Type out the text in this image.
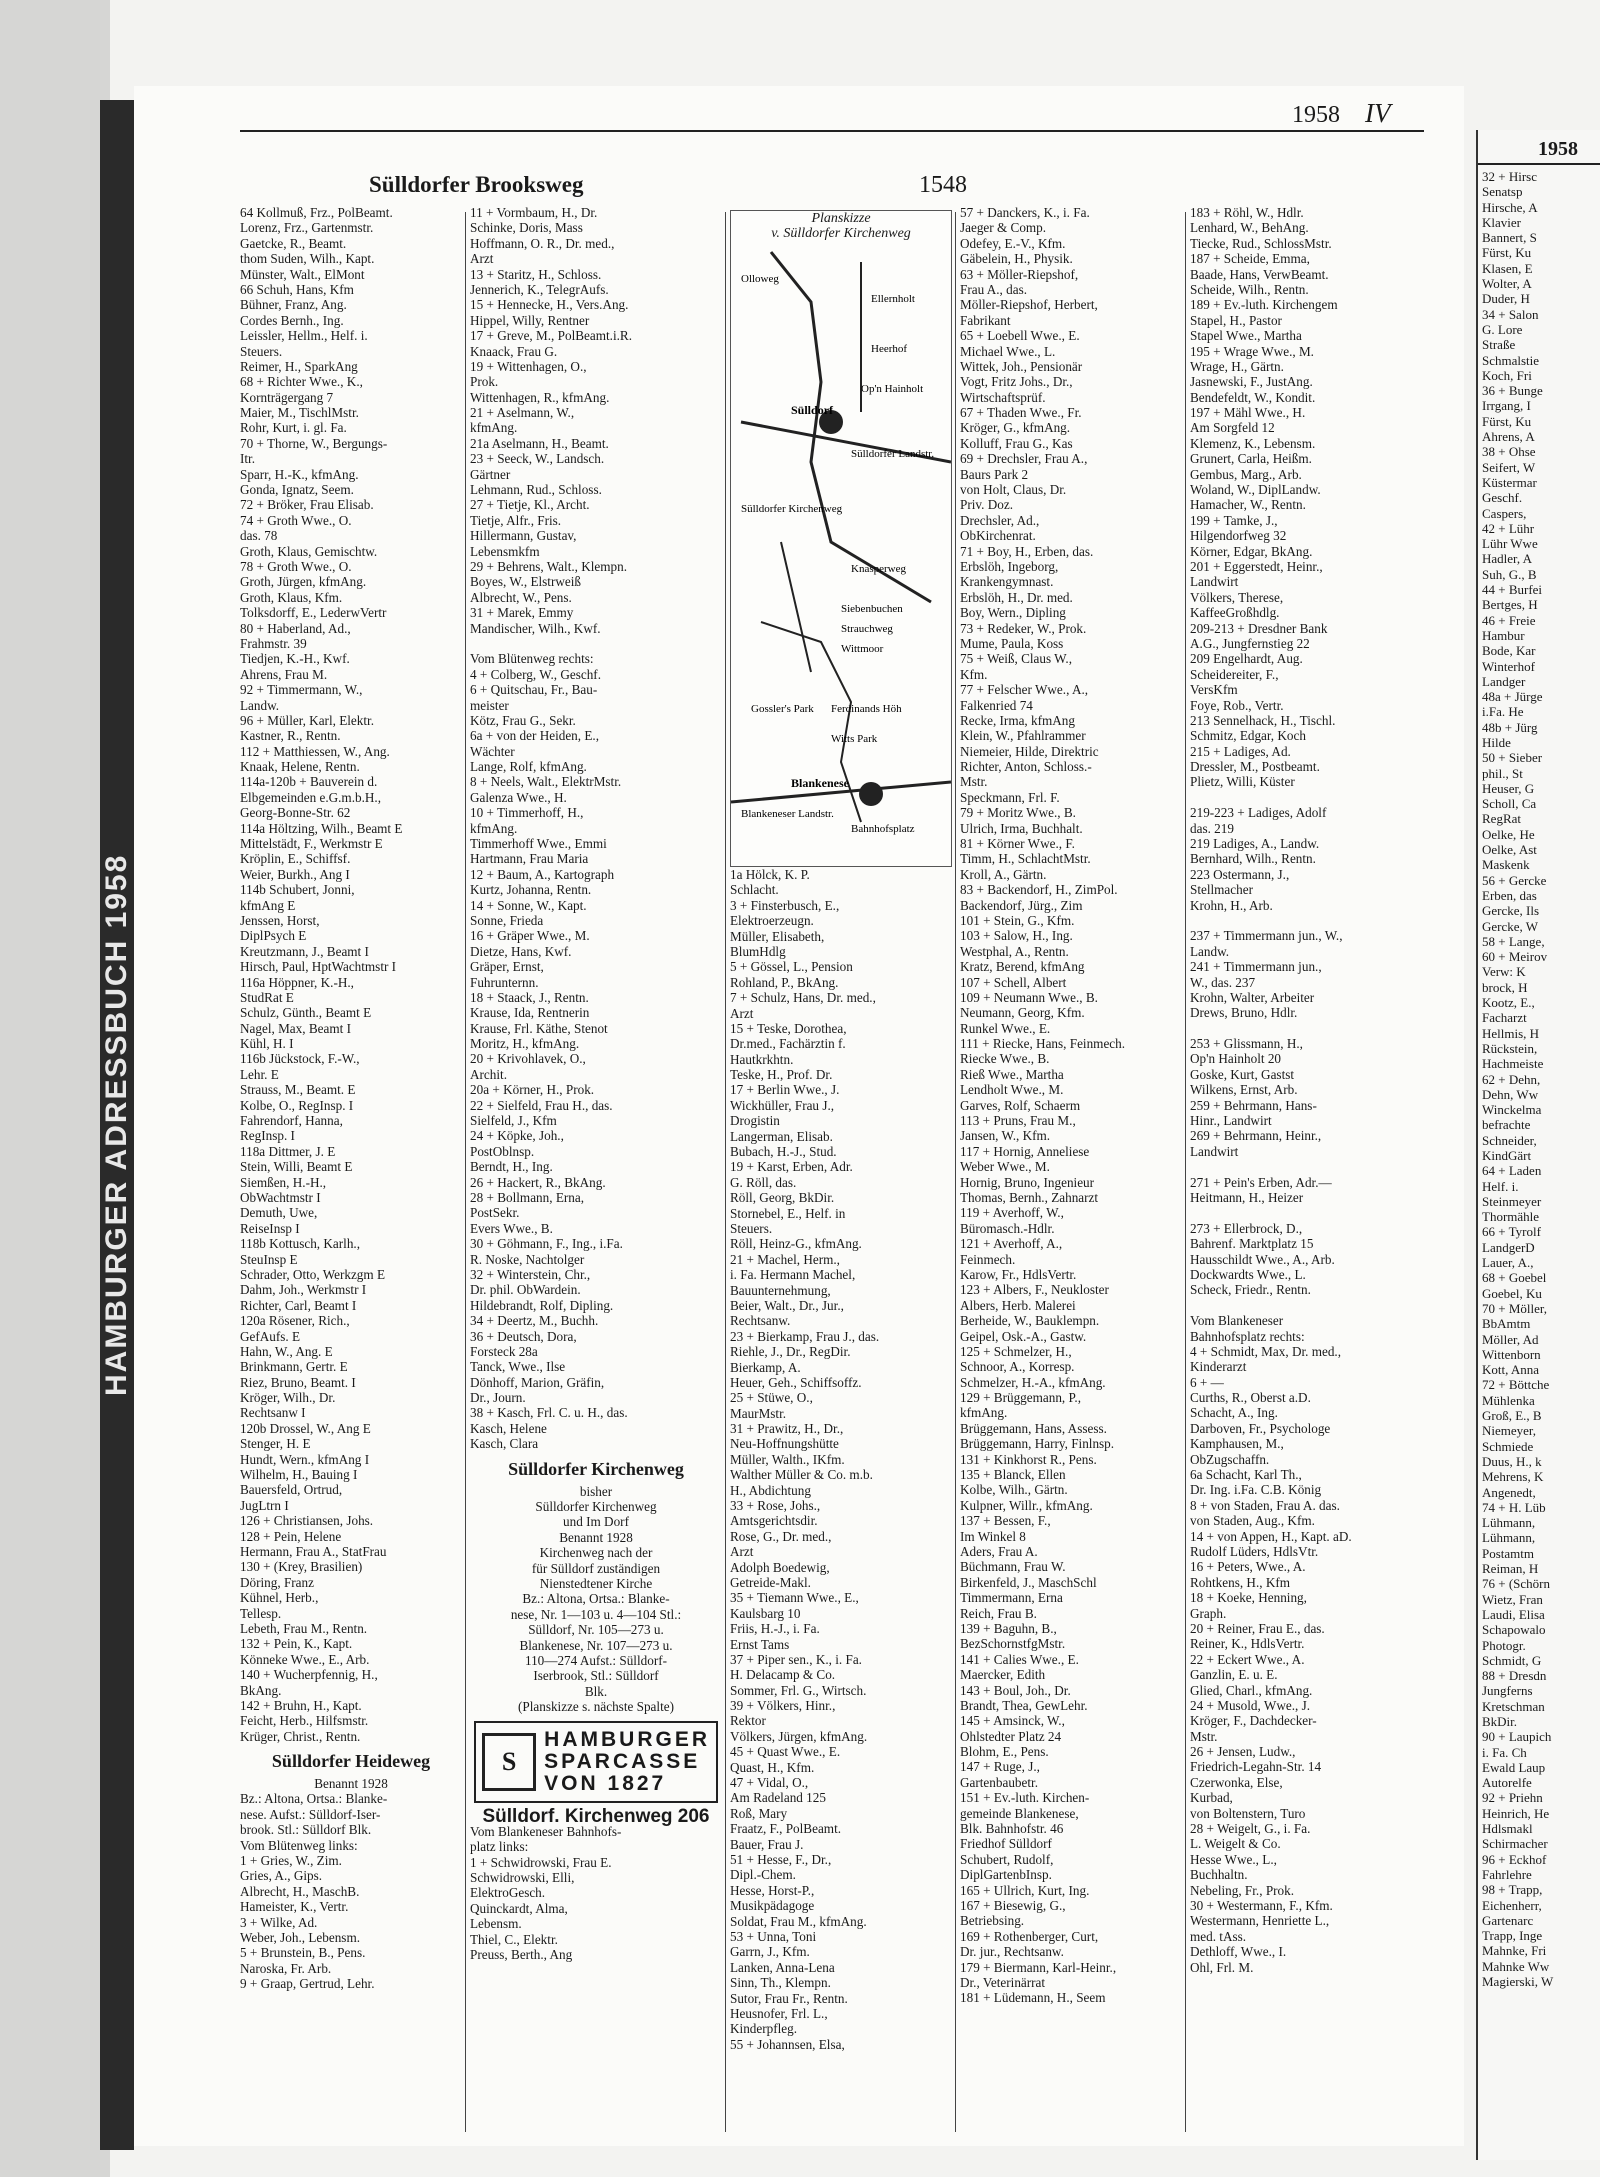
HAMBURGER ADRESSBUCH 1958
Sülldorfer Brooksweg	1548
1958 IV
64 Kollmuß, Frz., PolBeamt.
Lorenz, Frz., Gartenmstr.
Gaetcke, R., Beamt.
thom Suden, Wilh., Kapt.
Münster, Walt., ElMont
66 Schuh, Hans, Kfm
Bühner, Franz, Ang.
Cordes Bernh., Ing.
Leissler, Hellm., Helf. i.
Steuers.
Reimer, H., SparkAng
68 + Richter Wwe., K.,
Kornträgergang 7
Maier, M., TischlMstr.
Rohr, Kurt, i. gl. Fa.
70 + Thorne, W., Bergungs-
Itr.
Sparr, H.-K., kfmAng.
Gonda, Ignatz, Seem.
72 + Bröker, Frau Elisab.
74 + Groth Wwe., O.
das. 78
Groth, Klaus, Gemischtw.
78 + Groth Wwe., O.
Groth, Jürgen, kfmAng.
Groth, Klaus, Kfm.
Tolksdorff, E., LederwVertr
80 + Haberland, Ad.,
Frahmstr. 39
Tiedjen, K.-H., Kwf.
Ahrens, Frau M.
92 + Timmermann, W.,
Landw.
96 + Müller, Karl, Elektr.
Kastner, R., Rentn.
112 + Matthiessen, W., Ang.
Knaak, Helene, Rentn.
114a-120b + Bauverein d.
Elbgemeinden e.G.m.b.H.,
Georg-Bonne-Str. 62
114a Höltzing, Wilh., Beamt E
Mittelstädt, F., Werkmstr E
Kröplin, E., Schiffsf.
Weier, Burkh., Ang I
114b Schubert, Jonni,
kfmAng E
Jenssen, Horst,
DiplPsych E
Kreutzmann, J., Beamt I
Hirsch, Paul, HptWachtmstr I
116a Höppner, K.-H.,
StudRat E
Schulz, Günth., Beamt E
Nagel, Max, Beamt I
Kühl, H. I
116b Jückstock, F.-W.,
Lehr. E
Strauss, M., Beamt. E
Kolbe, O., RegInsp. I
Fahrendorf, Hanna,
RegInsp. I
118a Dittmer, J. E
Stein, Willi, Beamt E
Siemßen, H.-H.,
ObWachtmstr I
Demuth, Uwe,
ReiseInsp I
118b Kottusch, Karlh.,
SteuInsp E
Schrader, Otto, Werkzgm E
Dahm, Joh., Werkmstr I
Richter, Carl, Beamt I
120a Rösener, Rich.,
GefAufs. E
Hahn, W., Ang. E
Brinkmann, Gertr. E
Riez, Bruno, Beamt. I
Kröger, Wilh., Dr.
Rechtsanw I
120b Drossel, W., Ang E
Stenger, H. E
Hundt, Wern., kfmAng I
Wilhelm, H., Bauing I
Bauersfeld, Ortrud,
JugLtrn I
126 + Christiansen, Johs.
128 + Pein, Helene
Hermann, Frau A., StatFrau
130 + (Krey, Brasilien)
Döring, Franz
Kühnel, Herb.,
Tellesp.
Lebeth, Frau M., Rentn.
132 + Pein, K., Kapt.
Könneke Wwe., E., Arb.
140 + Wucherpfennig, H.,
BkAng.
142 + Bruhn, H., Kapt.
Feicht, Herb., Hilfsmstr.
Krüger, Christ., Rentn.
Sülldorfer Heideweg
Benannt 1928
Bz.: Altona, Ortsa.: Blanke-
nese. Aufst.: Sülldorf-Iser-
brook. Stl.: Sülldorf Blk.
Vom Blütenweg links:
1 + Gries, W., Zim.
Gries, A., Gips.
Albrecht, H., MaschB.
Hameister, K., Vertr.
3 + Wilke, Ad.
Weber, Joh., Lebensm.
5 + Brunstein, B., Pens.
Naroska, Fr. Arb.
9 + Graap, Gertrud, Lehr.
11 + Vormbaum, H., Dr.
Schinke, Doris, Mass
Hoffmann, O. R., Dr. med.,
Arzt
13 + Staritz, H., Schloss.
Jennerich, K., TelegrAufs.
15 + Hennecke, H., Vers.Ang.
Hippel, Willy, Rentner
17 + Greve, M., PolBeamt.i.R.
Knaack, Frau G.
19 + Wittenhagen, O.,
Prok.
Wittenhagen, R., kfmAng.
21 + Aselmann, W.,
kfmAng.
21a Aselmann, H., Beamt.
23 + Seeck, W., Landsch.
Gärtner
Lehmann, Rud., Schloss.
27 + Tietje, Kl., Archt.
Tietje, Alfr., Fris.
Hillermann, Gustav,
Lebensmkfm
29 + Behrens, Walt., Klempn.
Boyes, W., Elstrweiß
Albrecht, W., Pens.
31 + Marek, Emmy
Mandischer, Wilh., Kwf.
Vom Blütenweg rechts:
4 + Colberg, W., Geschf.
6 + Quitschau, Fr., Bau-
meister
Kötz, Frau G., Sekr.
6a + von der Heiden, E.,
Wächter
Lange, Rolf, kfmAng.
8 + Neels, Walt., ElektrMstr.
Galenza Wwe., H.
10 + Timmerhoff, H.,
kfmAng.
Timmerhoff Wwe., Emmi
Hartmann, Frau Maria
12 + Baum, A., Kartograph
Kurtz, Johanna, Rentn.
14 + Sonne, W., Kapt.
Sonne, Frieda
16 + Gräper Wwe., M.
Dietze, Hans, Kwf.
Gräper, Ernst,
Fuhrunternn.
18 + Staack, J., Rentn.
Krause, Ida, Rentnerin
Krause, Frl. Käthe, Stenot
Moritz, H., kfmAng.
20 + Krivohlavek, O.,
Archit.
20a + Körner, H., Prok.
22 + Sielfeld, Frau H., das.
Sielfeld, J., Kfm
24 + Köpke, Joh.,
PostOblnsp.
Berndt, H., Ing.
26 + Hackert, R., BkAng.
28 + Bollmann, Erna,
PostSekr.
Evers Wwe., B.
30 + Göhmann, F., Ing., i.Fa.
R. Noske, Nachtolger
32 + Winterstein, Chr.,
Dr. phil. ObWardein.
Hildebrandt, Rolf, Dipling.
34 + Deertz, M., Buchh.
36 + Deutsch, Dora,
Forsteck 28a
Tanck, Wwe., Ilse
Dönhoff, Marion, Gräfin,
Dr., Journ.
38 + Kasch, Frl. C. u. H., das.
Kasch, Helene
Kasch, Clara
Sülldorfer Kirchenweg
bisher
Sülldorfer Kirchenweg
und Im Dorf
Benannt 1928
Kirchenweg nach der
für Sülldorf zuständigen
Nienstedtener Kirche
Bz.: Altona, Ortsa.: Blanke-
nese, Nr. 1—103 u. 4—104 Stl.:
Sülldorf, Nr. 105—273 u.
Blankenese, Nr. 107—273 u.
110—274 Aufst.: Sülldorf-
Iserbrook, Stl.: Sülldorf
Blk.
(Planskizze s. nächste Spalte)
S
HAMBURGER
SPARCASSE
VON 1827
Sülldorf. Kirchenweg 206
Vom Blankeneser Bahnhofs-
platz links:
1 + Schwidrowski, Frau E.
Schwidrowski, Elli,
ElektroGesch.
Quinckardt, Alma,
Lebensm.
Thiel, C., Elektr.
Preuss, Berth., Ang
Planskizze
v. Sülldorfer Kirchenweg
Ellernholt
Olloweg
Heerhof
Op'n Hainholt
Sülldorf
Sülldorfer Landstr.
Sülldorfer Kirchenweg
Knasperweg
Siebenbuchen
Strauchweg
Wittmoor
Blankenese
Bahnhofsplatz
Witts Park
Ferdinands Höh
Gossler's Park
Blankeneser Landstr.
1a Hölck, K. P.
Schlacht.
3 + Finsterbusch, E.,
Elektroerzeugn.
Müller, Elisabeth,
BlumHdlg
5 + Gössel, L., Pension
Rohland, P., BkAng.
7 + Schulz, Hans, Dr. med.,
Arzt
15 + Teske, Dorothea,
Dr.med., Fachärztin f.
Hautkrkhtn.
Teske, H., Prof. Dr.
17 + Berlin Wwe., J.
Wickhüller, Frau J.,
Drogistin
Langerman, Elisab.
Bubach, H.-J., Stud.
19 + Karst, Erben, Adr.
G. Röll, das.
Röll, Georg, BkDir.
Stornebel, E., Helf. in
Steuers.
Röll, Heinz-G., kfmAng.
21 + Machel, Herm.,
i. Fa. Hermann Machel,
Bauunternehmung,
Beier, Walt., Dr., Jur.,
Rechtsanw.
23 + Bierkamp, Frau J., das.
Riehle, J., Dr., RegDir.
Bierkamp, A.
Heuer, Geh., Schiffsoffz.
25 + Stüwe, O.,
MaurMstr.
31 + Prawitz, H., Dr.,
Neu-Hoffnungshütte
Müller, Walth., IKfm.
Walther Müller & Co. m.b.
H., Abdichtung
33 + Rose, Johs.,
Amtsgerichtsdir.
Rose, G., Dr. med.,
Arzt
Adolph Boedewig,
Getreide-Makl.
35 + Tiemann Wwe., E.,
Kaulsbarg 10
Friis, H.-J., i. Fa.
Ernst Tams
37 + Piper sen., K., i. Fa.
H. Delacamp & Co.
Sommer, Frl. G., Wirtsch.
39 + Völkers, Hinr.,
Rektor
Völkers, Jürgen, kfmAng.
45 + Quast Wwe., E.
Quast, H., Kfm.
47 + Vidal, O.,
Am Radeland 125
Roß, Mary
Fraatz, F., PolBeamt.
Bauer, Frau J.
51 + Hesse, F., Dr.,
Dipl.-Chem.
Hesse, Horst-P.,
Musikpädagoge
Soldat, Frau M., kfmAng.
53 + Unna, Toni
Garrn, J., Kfm.
Lanken, Anna-Lena
Sinn, Th., Klempn.
Sutor, Frau Fr., Rentn.
Heusnofer, Frl. L.,
Kinderpfleg.
55 + Johannsen, Elsa,
57 + Danckers, K., i. Fa.
Jaeger & Comp.
Odefey, E.-V., Kfm.
Gäbelein, H., Physik.
63 + Möller-Riepshof,
Frau A., das.
Möller-Riepshof, Herbert,
Fabrikant
65 + Loebell Wwe., E.
Michael Wwe., L.
Wittek, Joh., Pensionär
Vogt, Fritz Johs., Dr.,
Wirtschaftsprüf.
67 + Thaden Wwe., Fr.
Kröger, G., kfmAng.
Kolluff, Frau G., Kas
69 + Drechsler, Frau A.,
Baurs Park 2
von Holt, Claus, Dr.
Priv. Doz.
Drechsler, Ad.,
ObKirchenrat.
71 + Boy, H., Erben, das.
Erbslöh, Ingeborg,
Krankengymnast.
Erbslöh, H., Dr. med.
Boy, Wern., Dipling
73 + Redeker, W., Prok.
Mume, Paula, Koss
75 + Weiß, Claus W.,
Kfm.
77 + Felscher Wwe., A.,
Falkenried 74
Recke, Irma, kfmAng
Klein, W., Pfahlrammer
Niemeier, Hilde, Direktric
Richter, Anton, Schloss.-
Mstr.
Speckmann, Frl. F.
79 + Moritz Wwe., B.
Ulrich, Irma, Buchhalt.
81 + Körner Wwe., F.
Timm, H., SchlachtMstr.
Kroll, A., Gärtn.
83 + Backendorf, H., ZimPol.
Backendorf, Jürg., Zim
101 + Stein, G., Kfm.
103 + Salow, H., Ing.
Westphal, A., Rentn.
Kratz, Berend, kfmAng
107 + Schell, Albert
109 + Neumann Wwe., B.
Neumann, Georg, Kfm.
Runkel Wwe., E.
111 + Riecke, Hans, Feinmech.
Riecke Wwe., B.
Rieß Wwe., Martha
Lendholt Wwe., M.
Garves, Rolf, Schaerm
113 + Pruns, Frau M.,
Jansen, W., Kfm.
117 + Hornig, Anneliese
Weber Wwe., M.
Hornig, Bruno, Ingenieur
Thomas, Bernh., Zahnarzt
119 + Averhoff, W.,
Büromasch.-Hdlr.
121 + Averhoff, A.,
Feinmech.
Karow, Fr., HdlsVertr.
123 + Albers, F., Neukloster
Albers, Herb. Malerei
Berheide, W., Bauklempn.
Geipel, Osk.-A., Gastw.
125 + Schmelzer, H.,
Schnoor, A., Korresp.
Schmelzer, H.-A., kfmAng.
129 + Brüggemann, P.,
kfmAng.
Brüggemann, Hans, Assess.
Brüggemann, Harry, Finlnsp.
131 + Kinkhorst R., Pens.
135 + Blanck, Ellen
Kolbe, Wilh., Gärtn.
Kulpner, Willr., kfmAng.
137 + Bessen, F.,
Im Winkel 8
Aders, Frau A.
Büchmann, Frau W.
Birkenfeld, J., MaschSchl
Timmermann, Erna
Reich, Frau B.
139 + Baguhn, B.,
BezSchornstfgMstr.
141 + Calies Wwe., E.
Maercker, Edith
143 + Boul, Joh., Dr.
Brandt, Thea, GewLehr.
145 + Amsinck, W.,
Ohlstedter Platz 24
Blohm, E., Pens.
147 + Ruge, J.,
Gartenbaubetr.
151 + Ev.-luth. Kirchen-
gemeinde Blankenese,
Blk. Bahnhofstr. 46
Friedhof Sülldorf
Schubert, Rudolf,
DiplGartenbInsp.
165 + Ullrich, Kurt, Ing.
167 + Biesewig, G.,
Betriebsing.
169 + Rothenberger, Curt,
Dr. jur., Rechtsanw.
179 + Biermann, Karl-Heinr.,
Dr., Veterinärrat
181 + Lüdemann, H., Seem
183 + Röhl, W., Hdlr.
Lenhard, W., BehAng.
Tiecke, Rud., SchlossMstr.
187 + Scheide, Emma,
Baade, Hans, VerwBeamt.
Scheide, Wilh., Rentn.
189 + Ev.-luth. Kirchengem
Stapel, H., Pastor
Stapel Wwe., Martha
195 + Wrage Wwe., M.
Wrage, H., Gärtn.
Jasnewski, F., JustAng.
Bendefeldt, W., Kondit.
197 + Mähl Wwe., H.
Am Sorgfeld 12
Klemenz, K., Lebensm.
Grunert, Carla, Heißm.
Gembus, Marg., Arb.
Woland, W., DiplLandw.
Hamacher, W., Rentn.
199 + Tamke, J.,
Hilgendorfweg 32
Körner, Edgar, BkAng.
201 + Eggerstedt, Heinr.,
Landwirt
Völkers, Therese,
KaffeeGroßhdlg.
209-213 + Dresdner Bank
A.G., Jungfernstieg 22
209 Engelhardt, Aug.
Scheidereiter, F.,
VersKfm
Foye, Rob., Vertr.
213 Sennelhack, H., Tischl.
Schmitz, Edgar, Koch
215 + Ladiges, Ad.
Dressler, M., Postbeamt.
Plietz, Willi, Küster
219-223 + Ladiges, Adolf
das. 219
219 Ladiges, A., Landw.
Bernhard, Wilh., Rentn.
223 Ostermann, J.,
Stellmacher
Krohn, H., Arb.
237 + Timmermann jun., W.,
Landw.
241 + Timmermann jun.,
W., das. 237
Krohn, Walter, Arbeiter
Drews, Bruno, Hdlr.
253 + Glissmann, H.,
Op'n Hainholt 20
Goske, Kurt, Gastst
Wilkens, Ernst, Arb.
259 + Behrmann, Hans-
Hinr., Landwirt
269 + Behrmann, Heinr.,
Landwirt
271 + Pein's Erben, Adr.—
Heitmann, H., Heizer
273 + Ellerbrock, D.,
Bahrenf. Marktplatz 15
Hausschildt Wwe., A., Arb.
Dockwardts Wwe., L.
Scheck, Friedr., Rentn.
Vom Blankeneser
Bahnhofsplatz rechts:
4 + Schmidt, Max, Dr. med.,
Kinderarzt
6 + —
Curths, R., Oberst a.D.
Schacht, A., Ing.
Darboven, Fr., Psychologe
Kamphausen, M.,
ObZugschaffn.
6a Schacht, Karl Th.,
Dr. Ing. i.Fa. C.B. König
8 + von Staden, Frau A. das.
von Staden, Aug., Kfm.
14 + von Appen, H., Kapt. aD.
Rudolf Lüders, HdlsVtr.
16 + Peters, Wwe., A.
Rohtkens, H., Kfm
18 + Koeke, Henning,
Graph.
20 + Reiner, Frau E., das.
Reiner, K., HdlsVertr.
22 + Eckert Wwe., A.
Ganzlin, E. u. E.
Glied, Charl., kfmAng.
24 + Musold, Wwe., J.
Kröger, F., Dachdecker-
Mstr.
26 + Jensen, Ludw.,
Friedrich-Legahn-Str. 14
Czerwonka, Else,
Kurbad,
von Boltenstern, Turo
28 + Weigelt, G., i. Fa.
L. Weigelt & Co.
Hesse Wwe., L.,
Buchhaltn.
Nebeling, Fr., Prok.
30 + Westermann, F., Kfm.
Westermann, Henriette L.,
med. tAss.
Dethloff, Wwe., I.
Ohl, Frl. M.
1958
32 + Hirsc
Senatsp
Hirsche, A
Klavier
Bannert, S
Fürst, Ku
Klasen, E
Wolter, A
Duder, H
34 + Salon
G. Lore
Straße
Schmalstie
Koch, Fri
36 + Bunge
Irrgang, I
Fürst, Ku
Ahrens, A
38 + Ohse
Seifert, W
Küstermar
Geschf.
Caspers,
42 + Lühr
Lühr Wwe
Hadler, A
Suh, G., B
44 + Burfei
Bertges, H
46 + Freie
Hambur
Bode, Kar
Winterhof
Landger
48a + Jürge
i.Fa. He
48b + Jürg
Hilde
50 + Sieber
phil., St
Heuser, G
Scholl, Ca
RegRat
Oelke, He
Oelke, Ast
Maskenk
56 + Gercke
Erben, das
Gercke, Ils
Gercke, W
58 + Lange,
60 + Meirov
Verw: K
brock, H
Kootz, E.,
Facharzt
Hellmis, H
Rückstein,
Hachmeiste
62 + Dehn,
Dehn, Ww
Winckelma
befrachte
Schneider,
KindGärt
64 + Laden
Helf. i.
Steinmeyer
Thormähle
66 + Tyrolf
LandgerD
Lauer, A.,
68 + Goebel
Goebel, Ku
70 + Möller,
BbAmtm
Möller, Ad
Wittenborn
Kott, Anna
72 + Böttche
Mühlenka
Groß, E., B
Niemeyer,
Schmiede
Duus, H., k
Mehrens, K
Angenedt,
74 + H. Lüb
Lühmann,
Lühmann,
Postamtm
Reiman, H
76 + (Schörn
Wietz, Fran
Laudi, Elisa
Schapowalo
Photogr.
Schmidt, G
88 + Dresdn
Jungferns
Kretschman
BkDir.
90 + Laupich
i. Fa. Ch
Ewald Laup
Autorelfe
92 + Priehn
Heinrich, He
Hdlsmakl
Schirmacher
96 + Eckhof
Fahrlehre
98 + Trapp,
Eichenherr,
Gartenarc
Trapp, Inge
Mahnke, Fri
Mahnke Ww
Magierski, W
